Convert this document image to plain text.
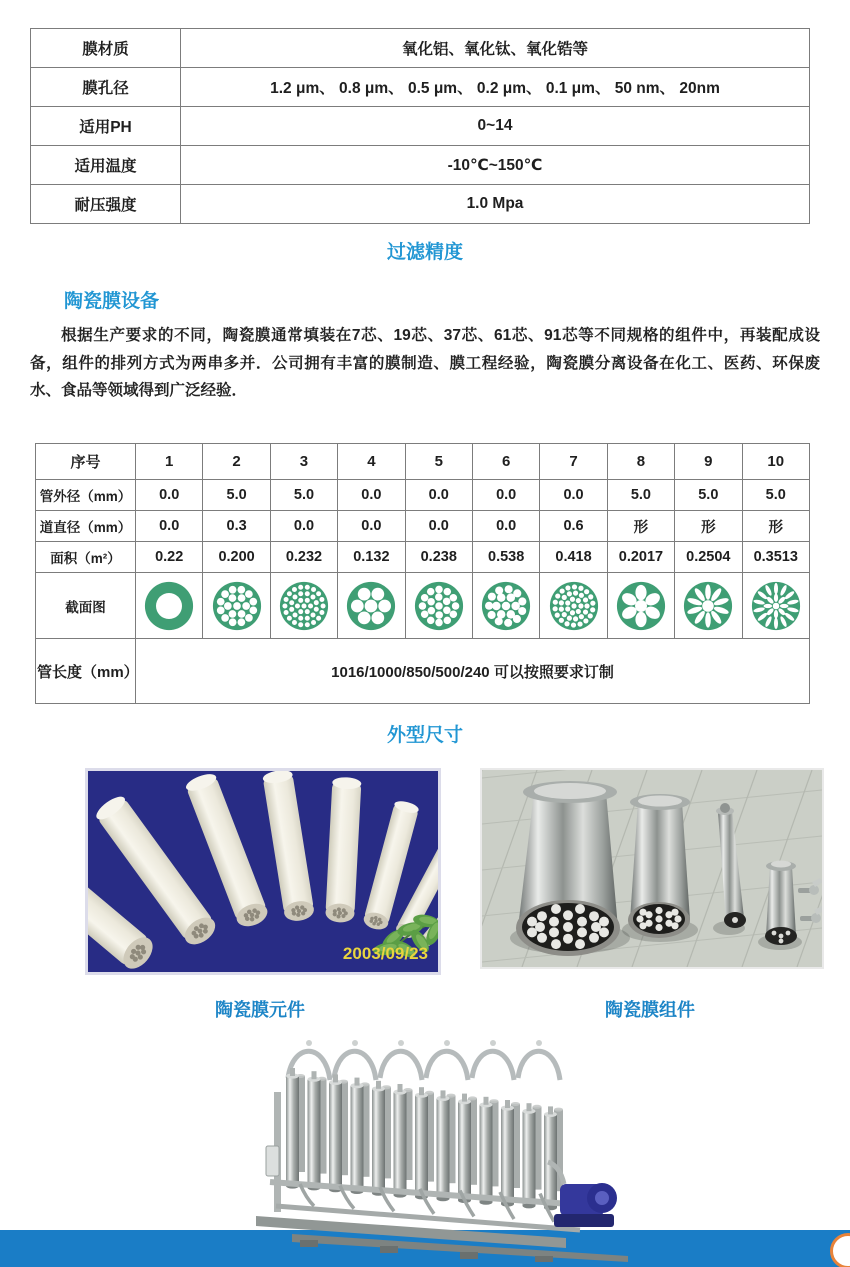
膜材质	氧化铝、氧化钛、氧化锆等
膜孔径	1.2 μm、 0.8 μm、 0.5 μm、 0.2 μm、 0.1 μm、 50 nm、 20nm
适用PH	0~14
适用温度	-10℃~150℃
耐压强度	1.0 Mpa
过滤精度
陶瓷膜设备

根据生产要求的不同，陶瓷膜通常填装在7芯、19芯、37芯、61芯、91芯等不同规格的组件中，再装配成设备，组件的排列方式为两串多并．公司拥有丰富的膜制造、膜工程经验，陶瓷膜分离设备在化工、医药、环保废水、食品等领域得到广泛经验．

序号	1	2	3	4	5	6	7	8	9	10
管外径（mm）	0.0	5.0	5.0	0.0	0.0	0.0	0.0	5.0	5.0	5.0
道直径（mm）	0.0	0.3	0.0	0.0	0.0	0.0	0.6	形	形	形
面积（m²）	0.22	0.200	0.232	0.132	0.238	0.538	0.418	0.2017	0.2504	0.3513
截面图	

管长度（mm）	1016/1000/850/500/240 可以按照要求订制									
外型尺寸
2003/09/23
陶瓷膜元件	陶瓷膜组件
